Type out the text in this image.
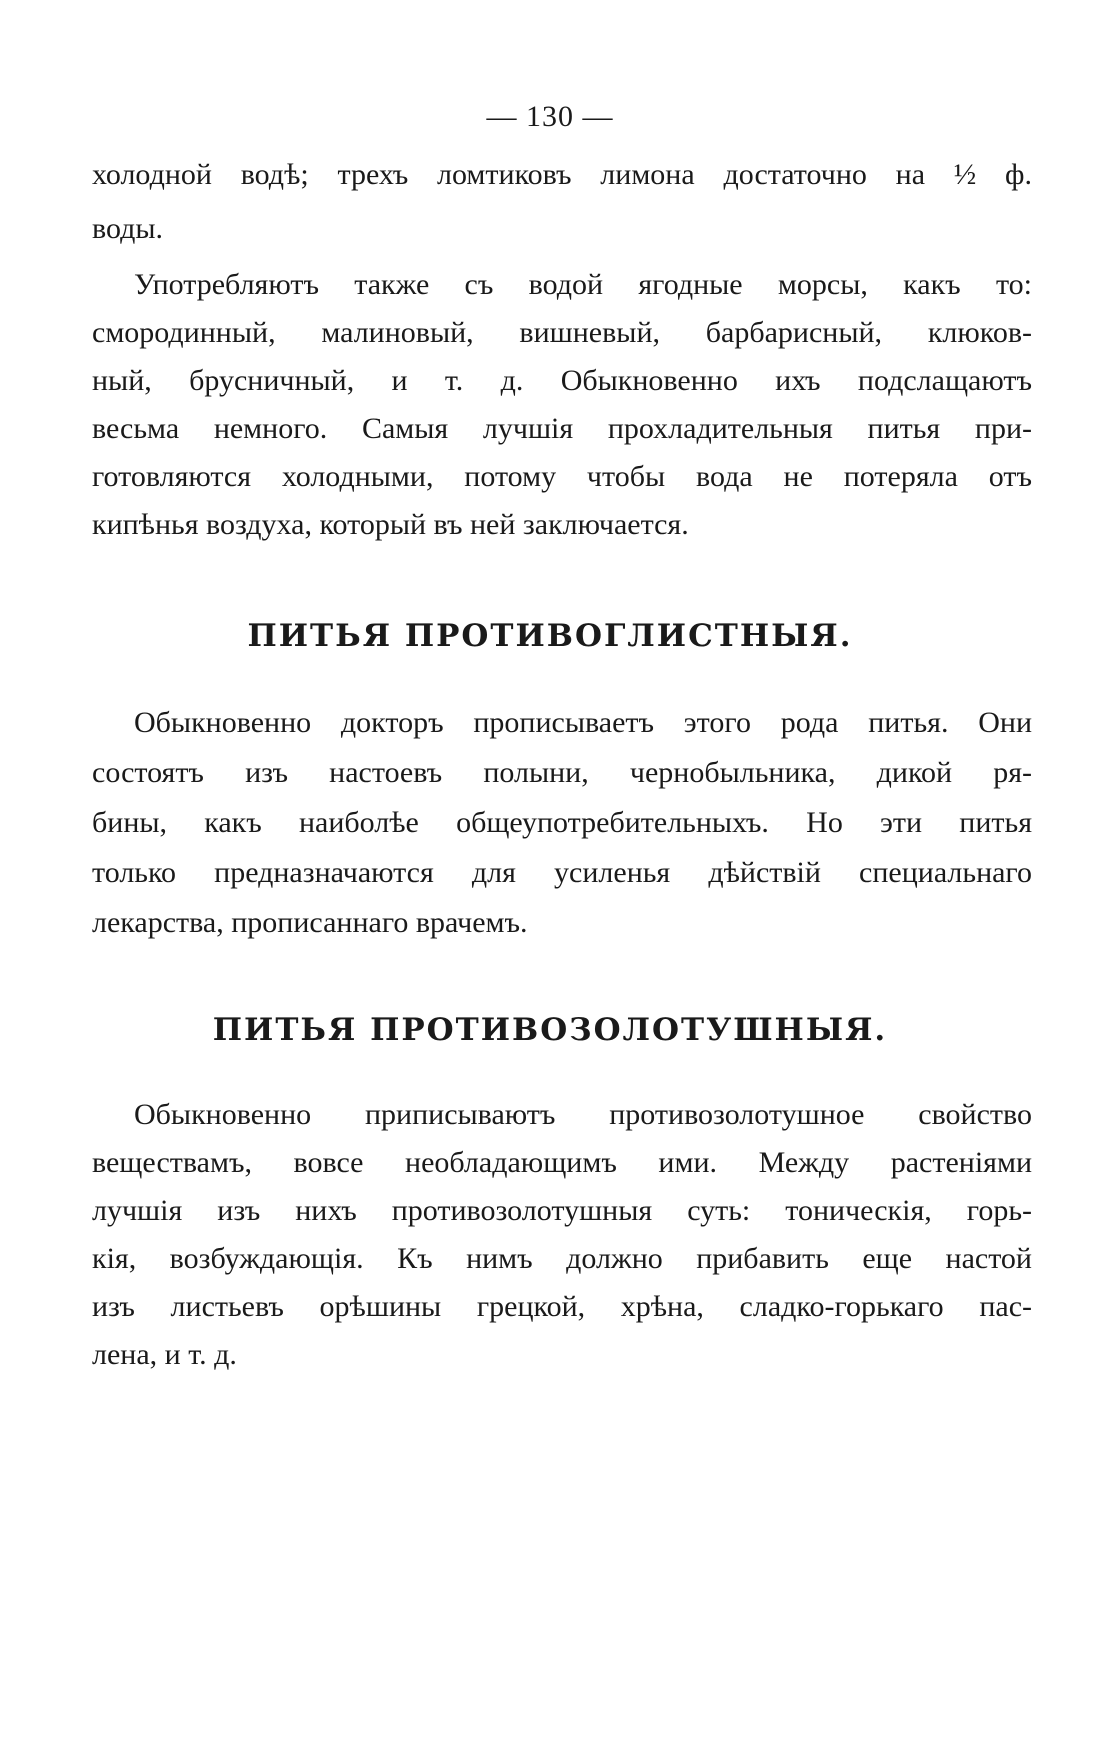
— 130 —
холодной водѣ; трехъ ломтиковъ лимона достаточно на ½ ф.
воды.
Употребляютъ также съ водой ягодные морсы, какъ то:
смородинный, малиновый, вишневый, барбарисный, клюков-
ный, брусничный, и т. д. Обыкновенно ихъ подслащаютъ
весьма немного. Самыя лучшія прохладительныя питья при-
готовляются холодными, потому чтобы вода не потеряла отъ
кипѣнья воздуха, который въ ней заключается.
ПИТЬЯ ПРОТИВОГЛИСТНЫЯ.
Обыкновенно докторъ прописываетъ этого рода питья. Они
состоятъ изъ настоевъ полыни, чернобыльника, дикой ря-
бины, какъ наиболѣе общеупотребительныхъ. Но эти питья
только предназначаются для усиленья дѣйствій специальнаго
лекарства, прописаннаго врачемъ.
ПИТЬЯ ПРОТИВОЗОЛОТУШНЫЯ.
Обыкновенно приписываютъ противозолотушное свойство
веществамъ, вовсе необладающимъ ими. Между растеніями
лучшія изъ нихъ противозолотушныя суть: тоническія, горь-
кія, возбуждающія. Къ нимъ должно прибавить еще настой
изъ листьевъ орѣшины грецкой, хрѣна, сладко-горькаго пас-
лена, и т. д.
